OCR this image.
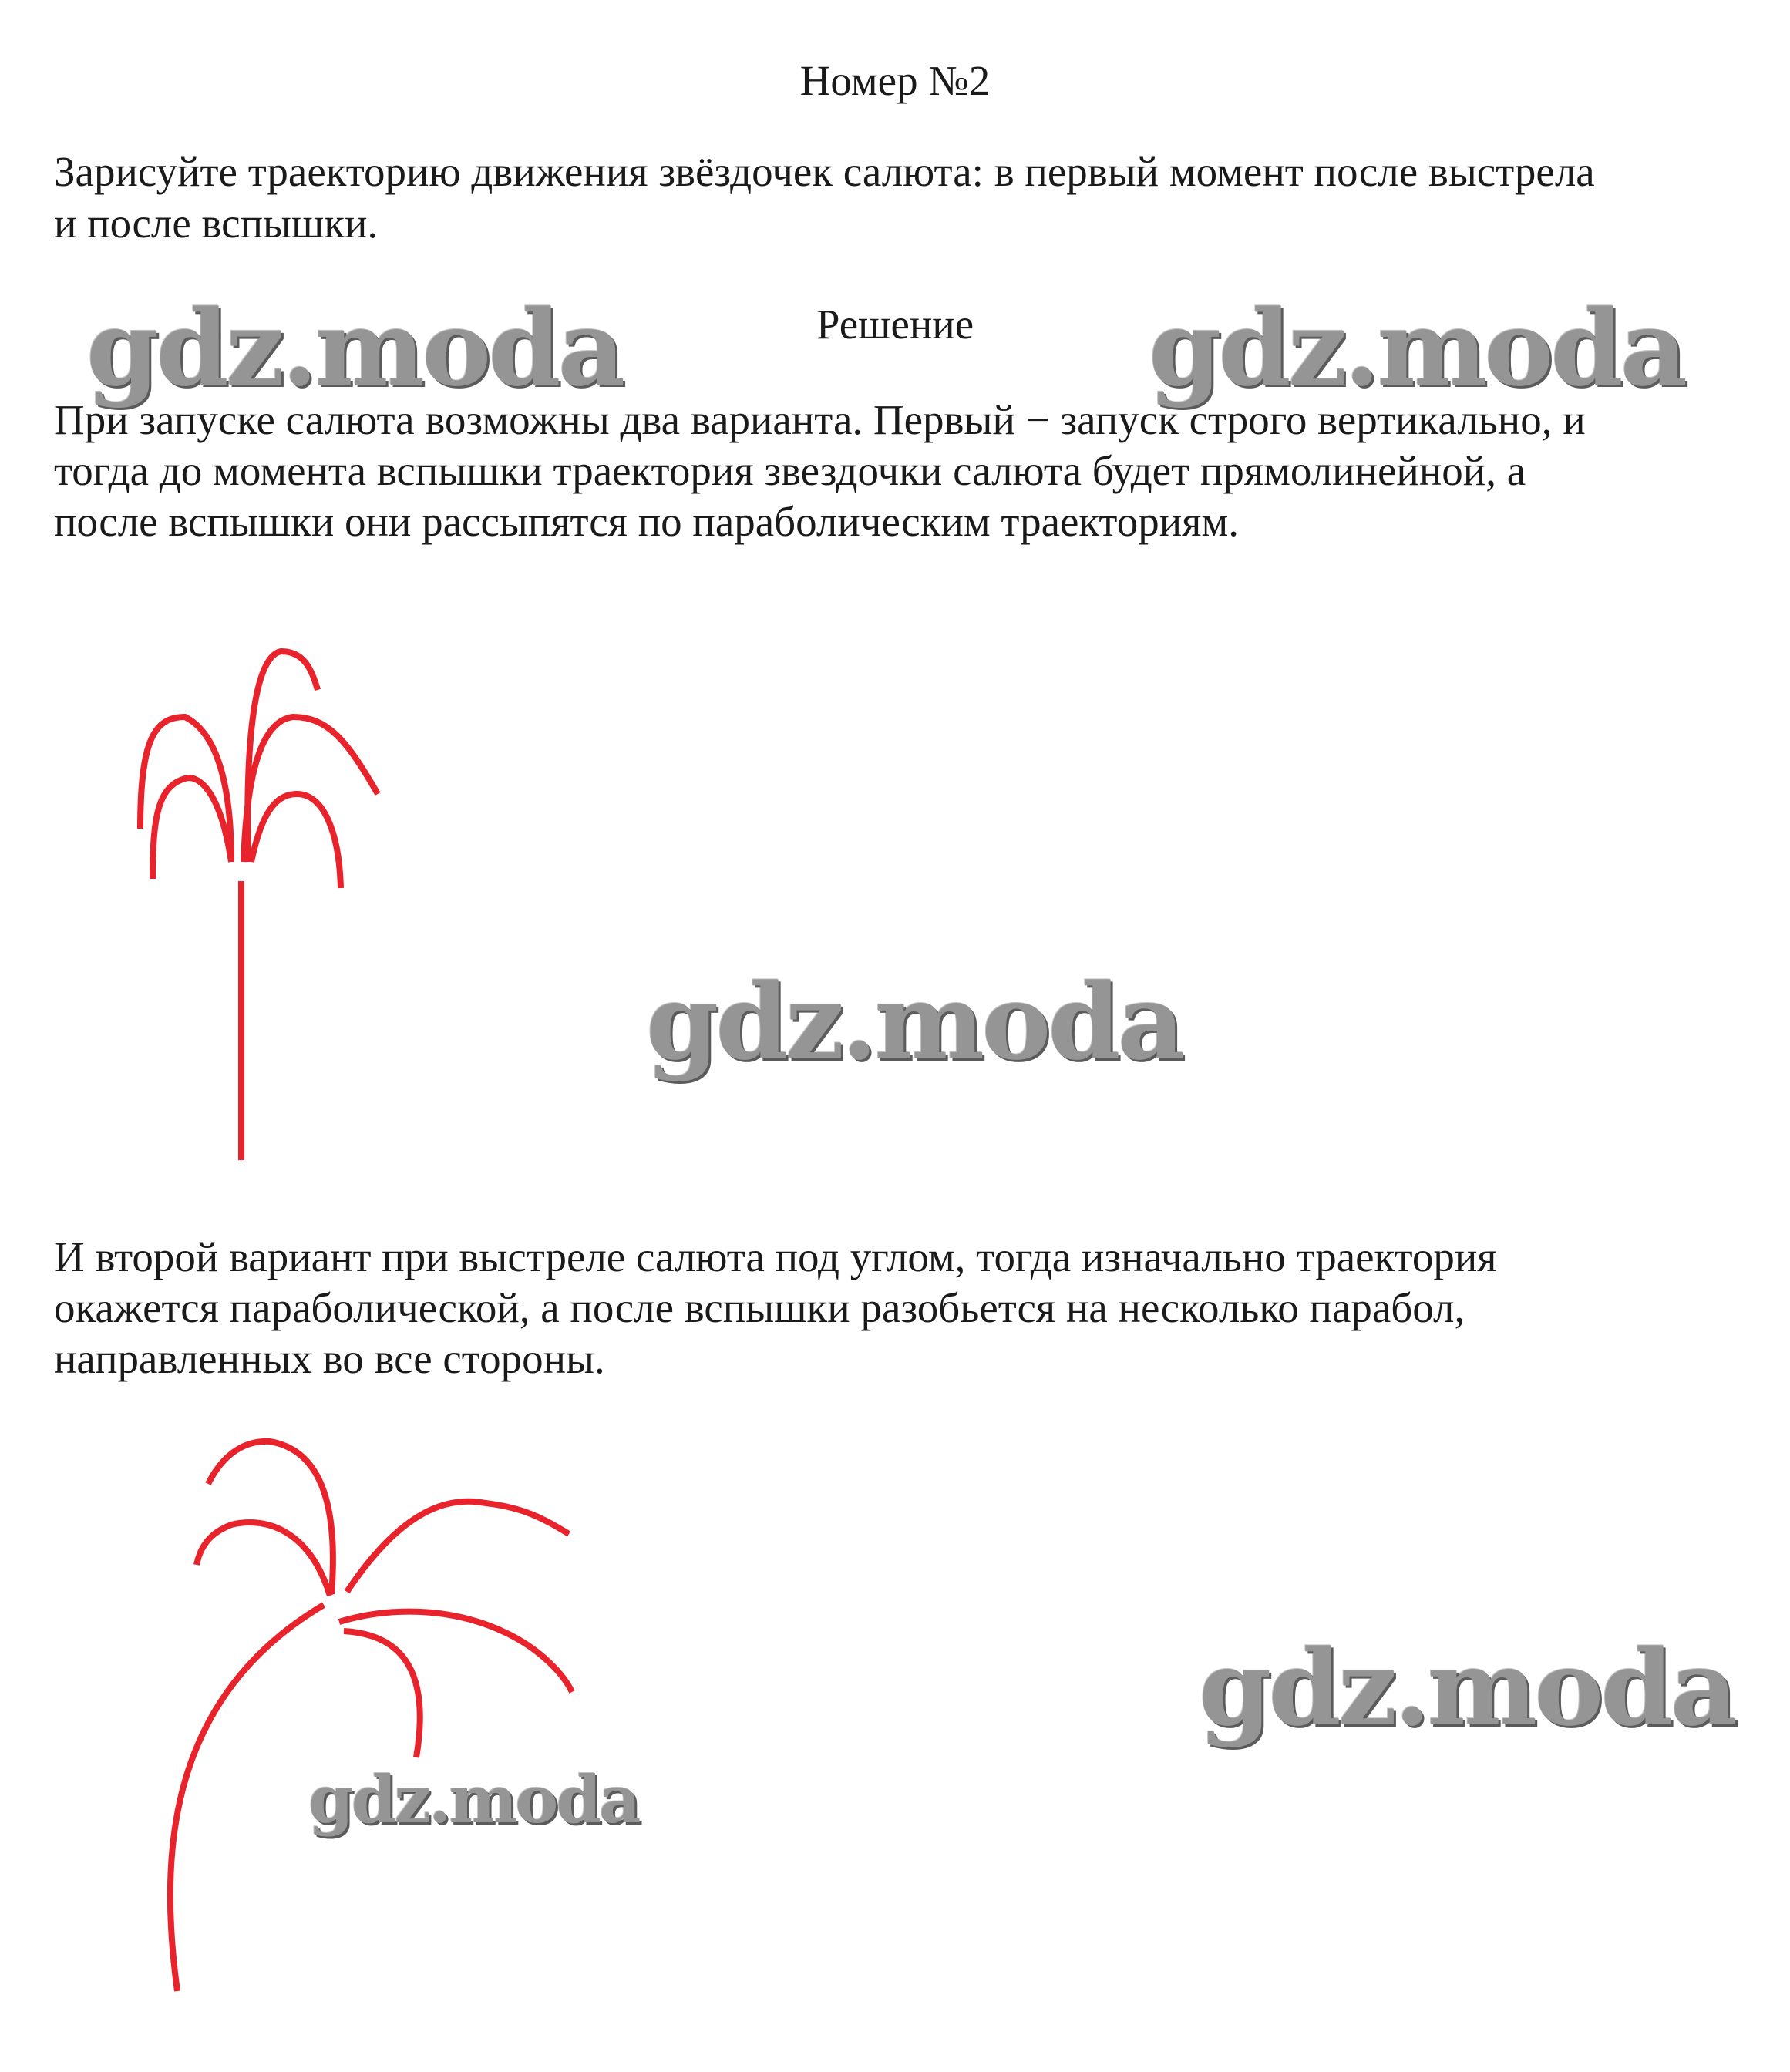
Номер №2
Зарисуйте траекторию движения звёздочек салюта: в первый момент после выстрела
и после вспышки.
gdz.moda	gdz.moda
Решение
При запуске салюта возможны два варианта. Первый − запуск строго вертикально, и
тогда до момента вспышки траектория звездочки салюта будет прямолинейной, а
после вспышки они рассыпятся по параболическим траекториям.
gdz.moda
И второй вариант при выстреле салюта под углом, тогда изначально траектория
окажется параболической, а после вспышки разобьется на несколько парабол,
направленных во все стороны.
gdz.moda
gdz.moda
